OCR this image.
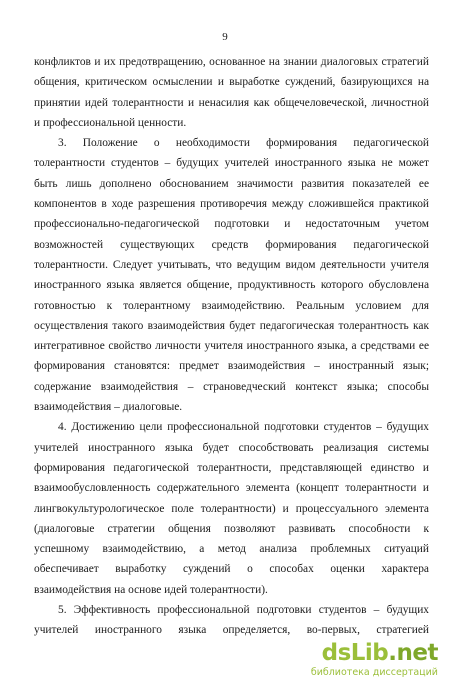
9
конфликтов и их предотвращению, основанное на знании диалоговых стратегий
общения, критическом осмыслении и выработке суждений, базирующихся на
принятии идей толерантности и ненасилия как общечеловеческой, личностной
и профессиональной ценности.
3. Положение о необходимости формирования педагогической
толерантности студентов – будущих учителей иностранного языка не может
быть лишь дополнено обоснованием значимости развития показателей ее
компонентов в ходе разрешения противоречия между сложившейся практикой
профессионально-педагогической подготовки и недостаточным учетом
возможностей существующих средств формирования педагогической
толерантности. Следует учитывать, что ведущим видом деятельности учителя
иностранного языка является общение, продуктивность которого обусловлена
готовностью к толерантному взаимодействию. Реальным условием для
осуществления такого взаимодействия будет педагогическая толерантность как
интегративное свойство личности учителя иностранного языка, а средствами ее
формирования становятся: предмет взаимодействия – иностранный язык;
содержание взаимодействия – страноведческий контекст языка; способы
взаимодействия – диалоговые.
4. Достижению цели профессиональной подготовки студентов – будущих
учителей иностранного языка будет способствовать реализация системы
формирования педагогической толерантности, представляющей единство и
взаимообусловленность содержательного элемента (концепт толерантности и
лингвокультурологическое поле толерантности) и процессуального элемента
(диалоговые стратегии общения позволяют развивать способности к
успешному взаимодействию, а метод анализа проблемных ситуаций
обеспечивает выработку суждений о способах оценки характера
взаимодействия на основе идей толерантности).
5. Эффективность профессиональной подготовки студентов – будущих
учителей иностранного языка определяется, во-первых, стратегией
dsLib.net
библиотека диссертаций
